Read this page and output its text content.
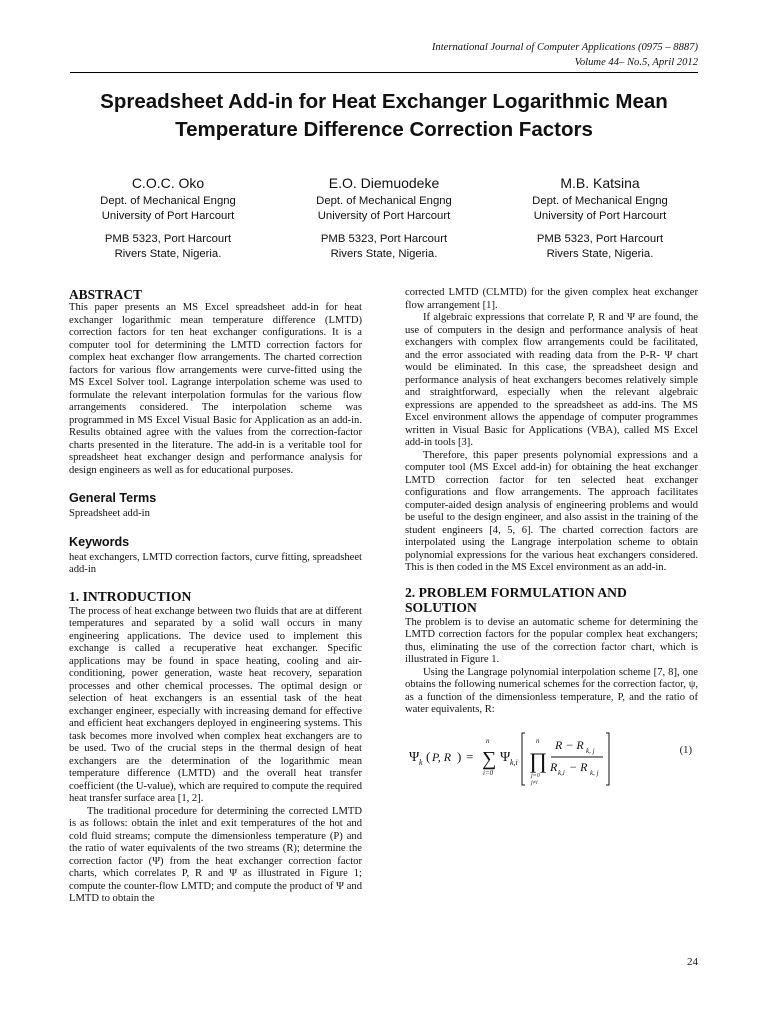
International Journal of Computer Applications (0975 – 8887)
Volume 44– No.5, April 2012
Spreadsheet Add-in for Heat Exchanger Logarithmic Mean Temperature Difference Correction Factors
C.O.C. Oko
Dept. of Mechanical Engng
University of Port Harcourt
PMB 5323, Port Harcourt
Rivers State, Nigeria.
E.O. Diemuodeke
Dept. of Mechanical Engng
University of Port Harcourt
PMB 5323, Port Harcourt
Rivers State, Nigeria.
M.B. Katsina
Dept. of Mechanical Engng
University of Port Harcourt
PMB 5323, Port Harcourt
Rivers State, Nigeria.
ABSTRACT

This paper presents an MS Excel spreadsheet add-in for heat exchanger logarithmic mean temperature difference (LMTD) correction factors for ten heat exchanger configurations. It is a computer tool for determining the LMTD correction factors for complex heat exchanger flow arrangements. The charted correction factors for various flow arrangements were curve-fitted using the MS Excel Solver tool. Lagrange interpolation scheme was used to formulate the relevant interpolation formulas for the various flow arrangements considered. The interpolation scheme was programmed in MS Excel Visual Basic for Application as an add-in. Results obtained agree with the values from the correction-factor charts presented in the literature. The add-in is a veritable tool for spreadsheet heat exchanger design and performance analysis for design engineers as well as for educational purposes.

General Terms

Spreadsheet add-in

Keywords

heat exchangers, LMTD correction factors, curve fitting, spreadsheet add-in

1. INTRODUCTION

The process of heat exchange between two fluids that are at different temperatures and separated by a solid wall occurs in many engineering applications. The device used to implement this exchange is called a recuperative heat exchanger. Specific applications may be found in space heating, cooling and air-conditioning, power generation, waste heat recovery, separation processes and other chemical processes. The optimal design or selection of heat exchangers is an essential task of the heat exchanger engineer, especially with increasing demand for effective and efficient heat exchangers deployed in engineering systems. This task becomes more involved when complex heat exchangers are to be used. Two of the crucial steps in the thermal design of heat exchangers are the determination of the logarithmic mean temperature difference (LMTD) and the overall heat transfer coefficient (the U-value), which are required to compute the required heat transfer surface area [1, 2].

The traditional procedure for determining the corrected LMTD is as follows: obtain the inlet and exit temperatures of the hot and cold fluid streams; compute the dimensionless temperature (P) and the ratio of water equivalents of the two streams (R); determine the correction factor (Ψ) from the heat exchanger correction factor charts, which correlates P, R and Ψ as illustrated in Figure 1; compute the counter-flow LMTD; and compute the product of Ψ and LMTD to obtain the

corrected LMTD (CLMTD) for the given complex heat exchanger flow arrangement [1].

If algebraic expressions that correlate P, R and Ψ are found, the use of computers in the design and performance analysis of heat exchangers with complex flow arrangements could be facilitated, and the error associated with reading data from the P-R- Ψ chart would be eliminated. In this case, the spreadsheet design and performance analysis of heat exchangers becomes relatively simple and straightforward, especially when the relevant algebraic expressions are appended to the spreadsheet as add-ins. The MS Excel environment allows the appendage of computer programmes written in Visual Basic for Applications (VBA), called MS Excel add-in tools [3].

Therefore, this paper presents polynomial expressions and a computer tool (MS Excel add-in) for obtaining the heat exchanger LMTD correction factor for ten selected heat exchanger configurations and flow arrangements. The approach facilitates computer-aided design analysis of engineering problems and would be useful to the design engineer, and also assist in the training of the student engineers [4, 5, 6]. The charted correction factors are interpolated using the Langrage interpolation scheme to obtain polynomial expressions for the various heat exchangers considered. This is then coded in the MS Excel environment as an add-in.

2. PROBLEM FORMULATION AND
SOLUTION

The problem is to devise an automatic scheme for determining the LMTD correction factors for the popular complex heat exchangers; thus, eliminating the use of the correction factor chart, which is illustrated in Figure 1.

Using the Langrage polynomial interpolation scheme [7, 8], one obtains the following numerical schemes for the correction factor, ψ, as a function of the dimensionless temperature, P, and the ratio of water equivalents, R:

Ψ k ( P, R ) = ∑
n
i=0
Ψ k,i
n
∏
j=0
j≠i
R − R k, j
R k,i − R k, j
(1)
24
